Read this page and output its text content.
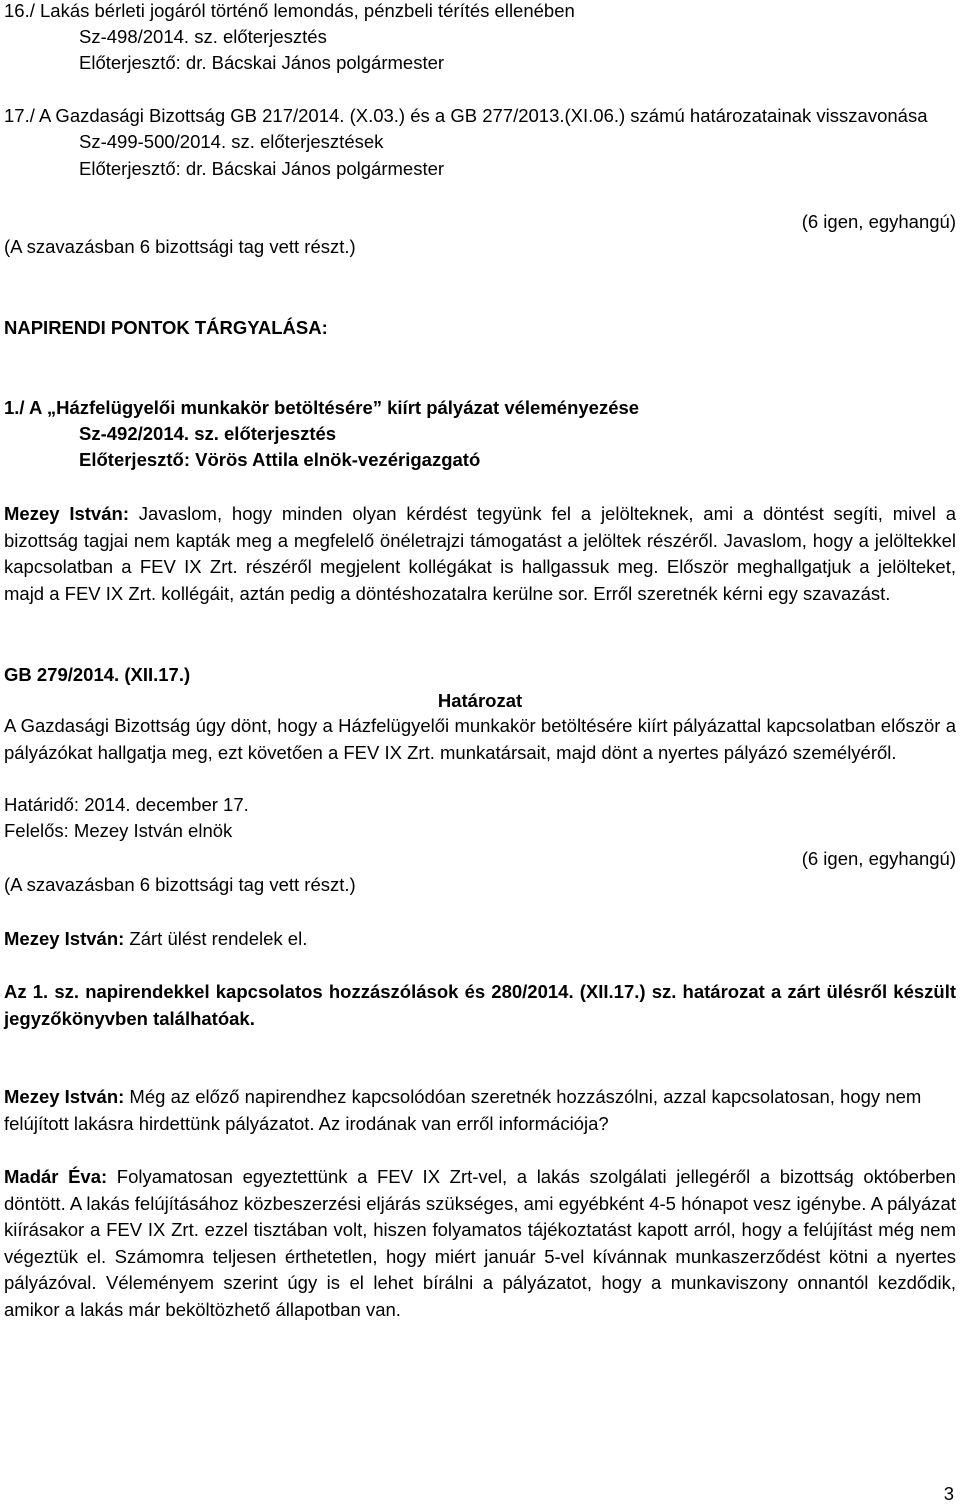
16./ Lakás bérleti jogáról történő lemondás, pénzbeli térítés ellenében
Sz-498/2014. sz. előterjesztés
Előterjesztő: dr. Bácskai János polgármester
17./ A Gazdasági Bizottság GB 217/2014. (X.03.) és a GB 277/2013.(XI.06.) számú határozatainak visszavonása
Sz-499-500/2014. sz. előterjesztések
Előterjesztő: dr. Bácskai János polgármester
(6 igen, egyhangú)
(A szavazásban 6 bizottsági tag vett részt.)
NAPIRENDI PONTOK TÁRGYALÁSA:
1./ A „Házfelügyelői munkakör betöltésére” kiírt pályázat véleményezése
Sz-492/2014. sz. előterjesztés
Előterjesztő: Vörös Attila elnök-vezérigazgató
Mezey István: Javaslom, hogy minden olyan kérdést tegyünk fel a jelölteknek, ami a döntést segíti, mivel a bizottság tagjai nem kapták meg a megfelelő önéletrajzi támogatást a jelöltek részéről. Javaslom, hogy a jelöltekkel kapcsolatban a FEV IX Zrt. részéről megjelent kollégákat is hallgassuk meg. Először meghallgatjuk a jelölteket, majd a FEV IX Zrt. kollégáit, aztán pedig a döntéshozatalra kerülne sor. Erről szeretnék kérni egy szavazást.
GB 279/2014. (XII.17.)
Határozat
A Gazdasági Bizottság úgy dönt, hogy a Házfelügyelői munkakör betöltésére kiírt pályázattal kapcsolatban először a pályázókat hallgatja meg, ezt követően a FEV IX Zrt. munkatársait, majd dönt a nyertes pályázó személyéről.
Határidő: 2014. december 17.
Felelős: Mezey István elnök
(6 igen, egyhangú)
(A szavazásban 6 bizottsági tag vett részt.)
Mezey István: Zárt ülést rendelek el.
Az 1. sz. napirendekkel kapcsolatos hozzászólások és 280/2014. (XII.17.) sz. határozat a zárt ülésről készült jegyzőkönyvben találhatóak.
Mezey István: Még az előző napirendhez kapcsolódóan szeretnék hozzászólni, azzal kapcsolatosan, hogy nem felújított lakásra hirdettünk pályázatot. Az irodának van erről információja?
Madár Éva: Folyamatosan egyeztettünk a FEV IX Zrt-vel, a lakás szolgálati jellegéről a bizottság októberben döntött. A lakás felújításához közbeszerzési eljárás szükséges, ami egyébként 4-5 hónapot vesz igénybe. A pályázat kiírásakor a FEV IX Zrt. ezzel tisztában volt, hiszen folyamatos tájékoztatást kapott arról, hogy a felújítást még nem végeztük el. Számomra teljesen érthetetlen, hogy miért január 5-vel kívánnak munkaszerződést kötni a nyertes pályázóval. Véleményem szerint úgy is el lehet bírálni a pályázatot, hogy a munkaviszony onnantól kezdődik, amikor a lakás már beköltözhető állapotban van.
3
